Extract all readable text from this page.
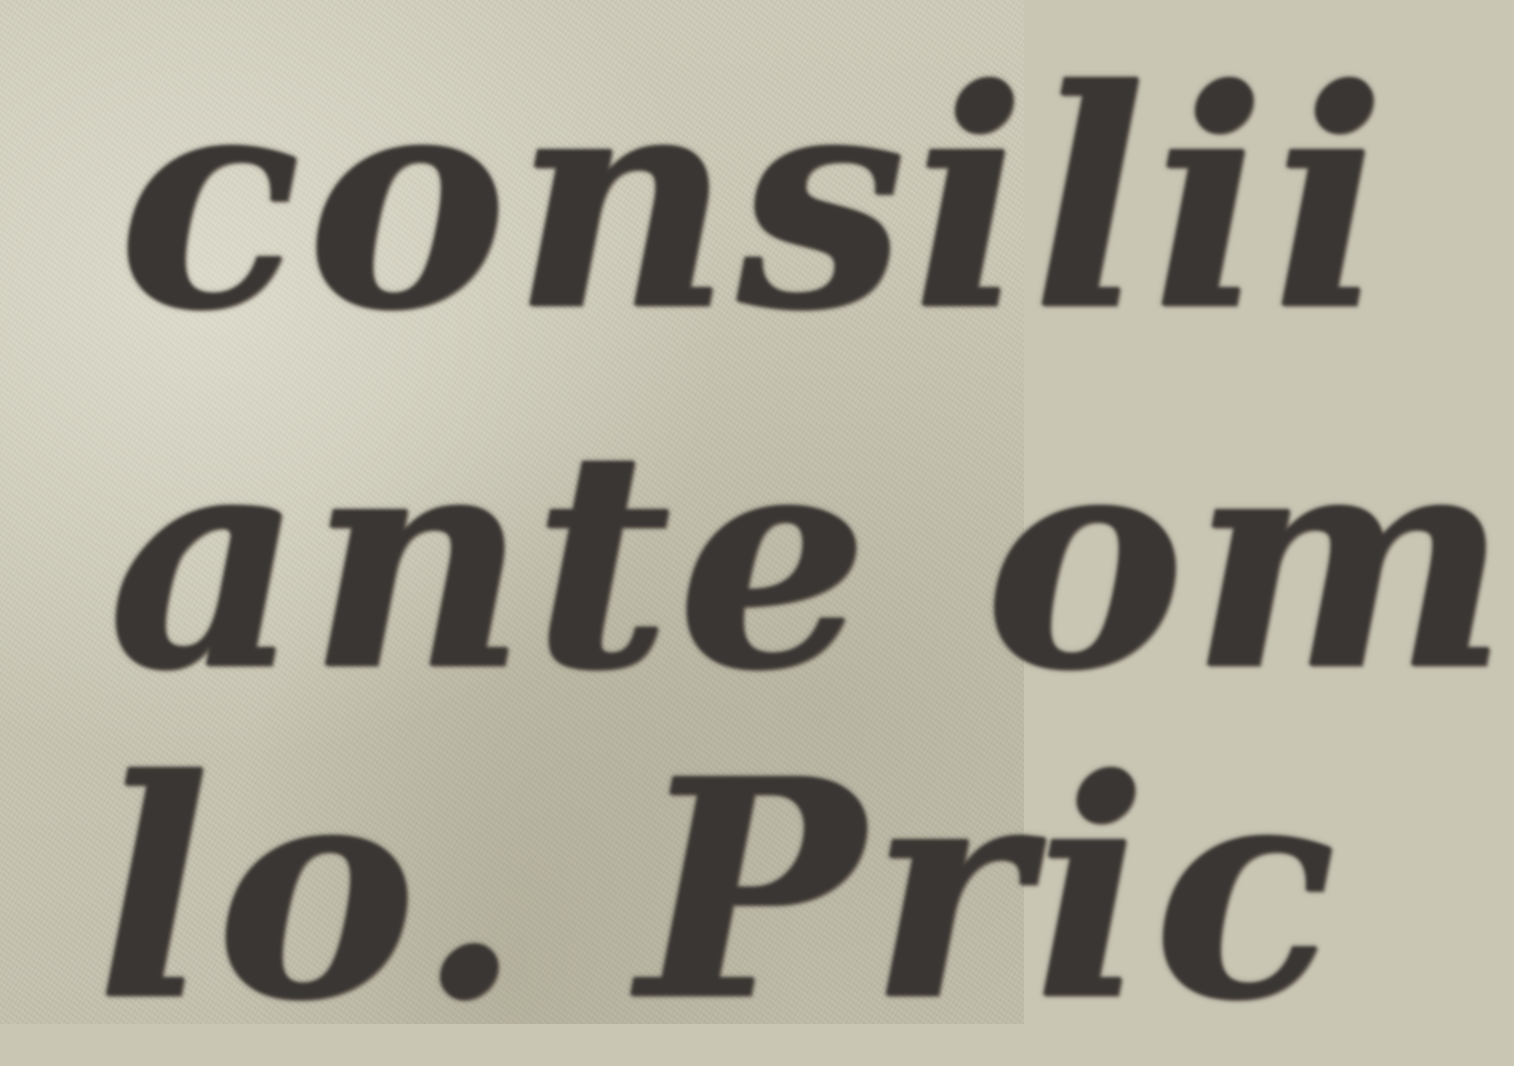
consilii

ante om

lo. Pric
